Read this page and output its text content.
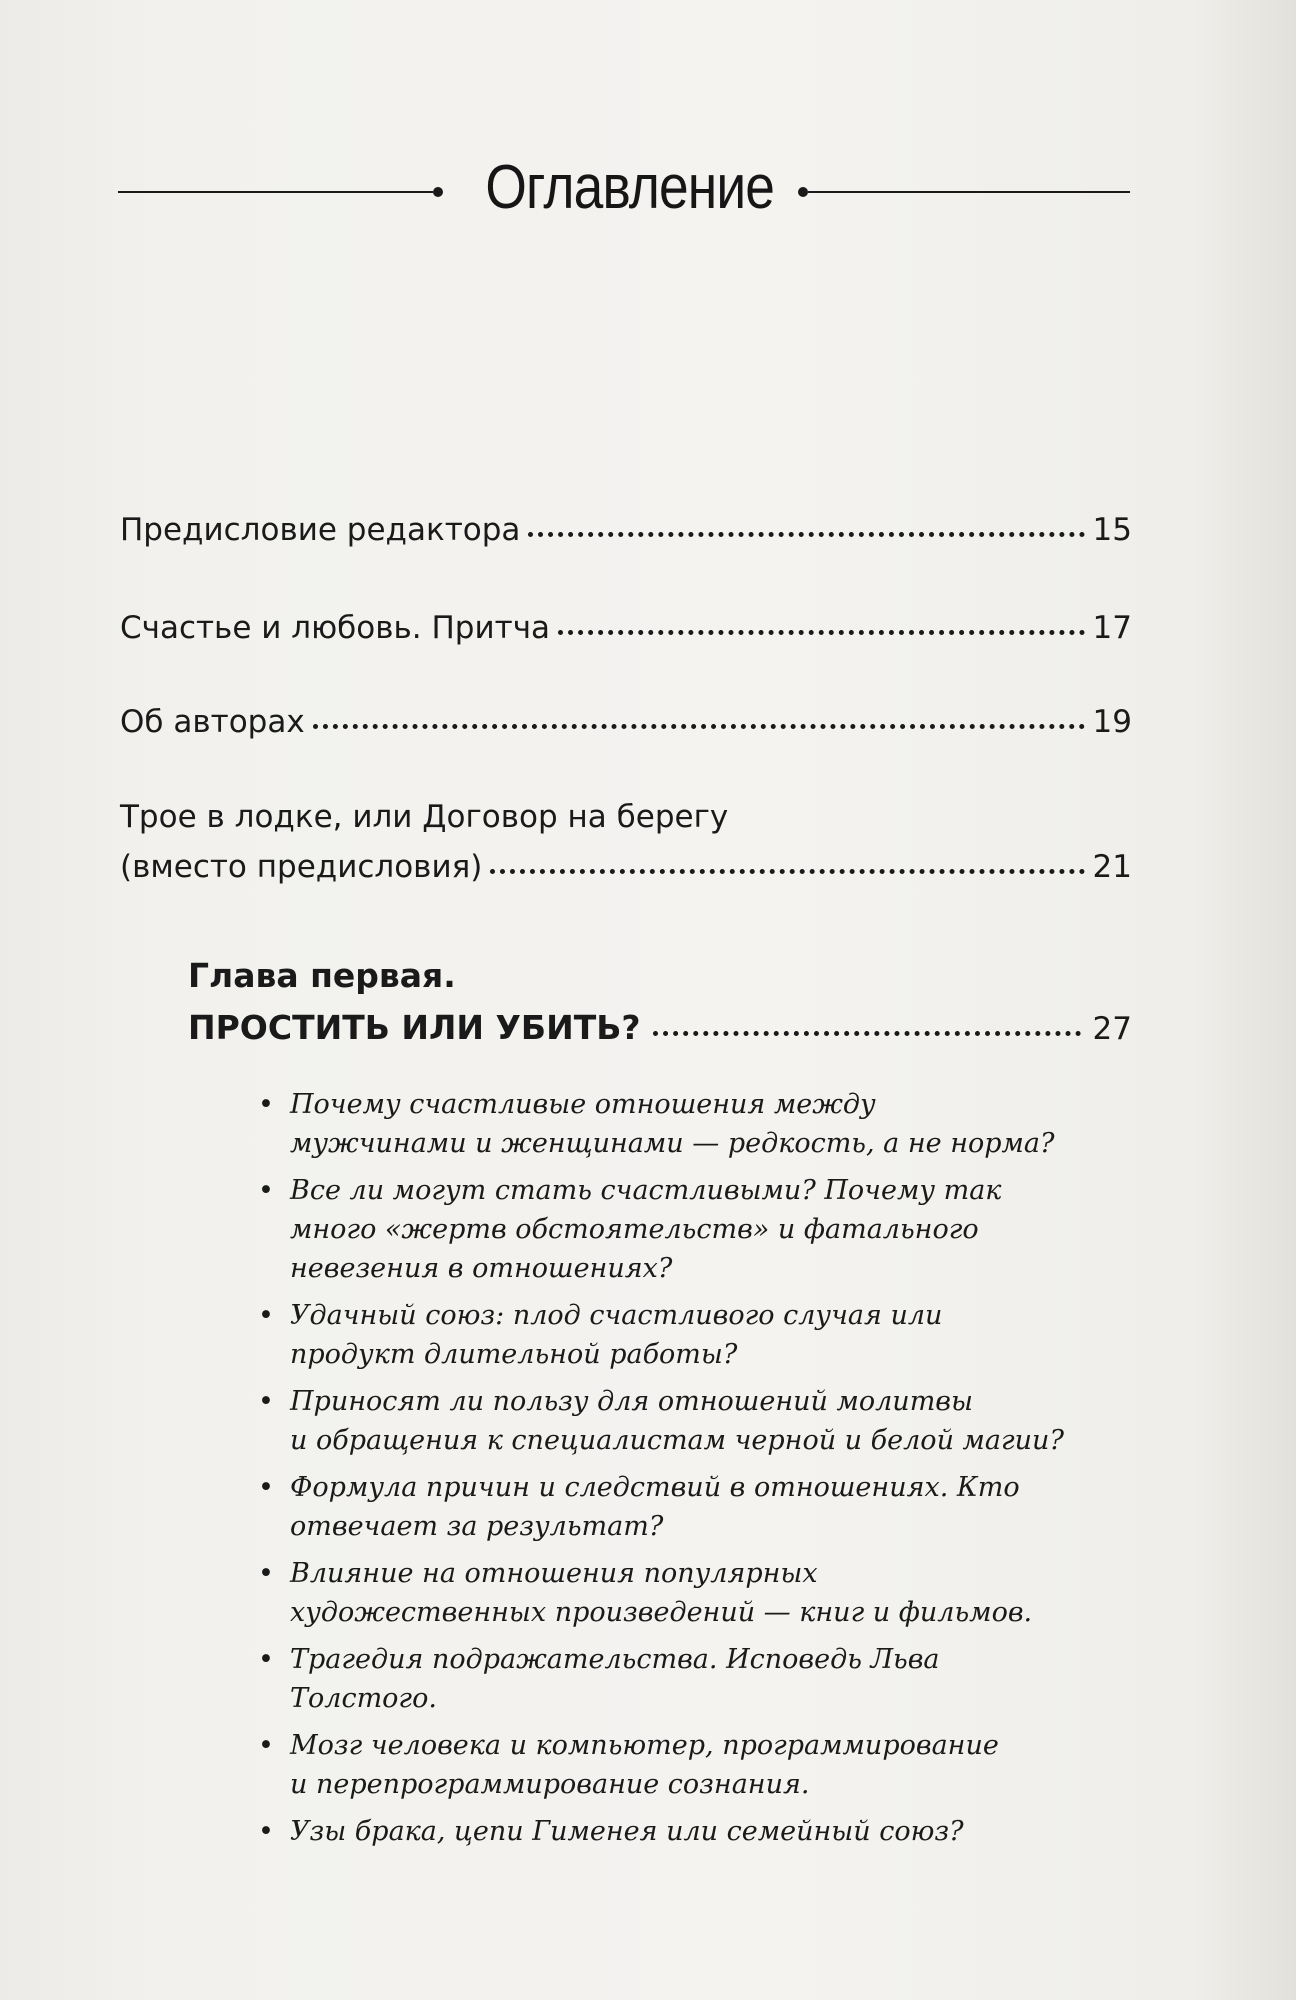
Оглавление
Предисловие редактора	15
Счастье и любовь. Притча	17
Об авторах	19
Трое в лодке, или Договор на берегу
(вместо предисловия)	21
Глава первая.
ПРОСТИТЬ ИЛИ УБИТЬ?	27
• Почему счастливые отношения между
мужчинами и женщинами — редкость, а не норма?
• Все ли могут стать счастливыми? Почему так
много «жертв обстоятельств» и фатального
невезения в отношениях?
• Удачный союз: плод счастливого случая или
продукт длительной работы?
• Приносят ли пользу для отношений молитвы
и обращения к специалистам черной и белой магии?
• Формула причин и следствий в отношениях. Кто
отвечает за результат?
• Влияние на отношения популярных
художественных произведений — книг и фильмов.
• Трагедия подражательства. Исповедь Льва Толстого.
• Мозг человека и компьютер, программирование
и перепрограммирование сознания.
• Узы брака, цепи Гименея или семейный союз?
